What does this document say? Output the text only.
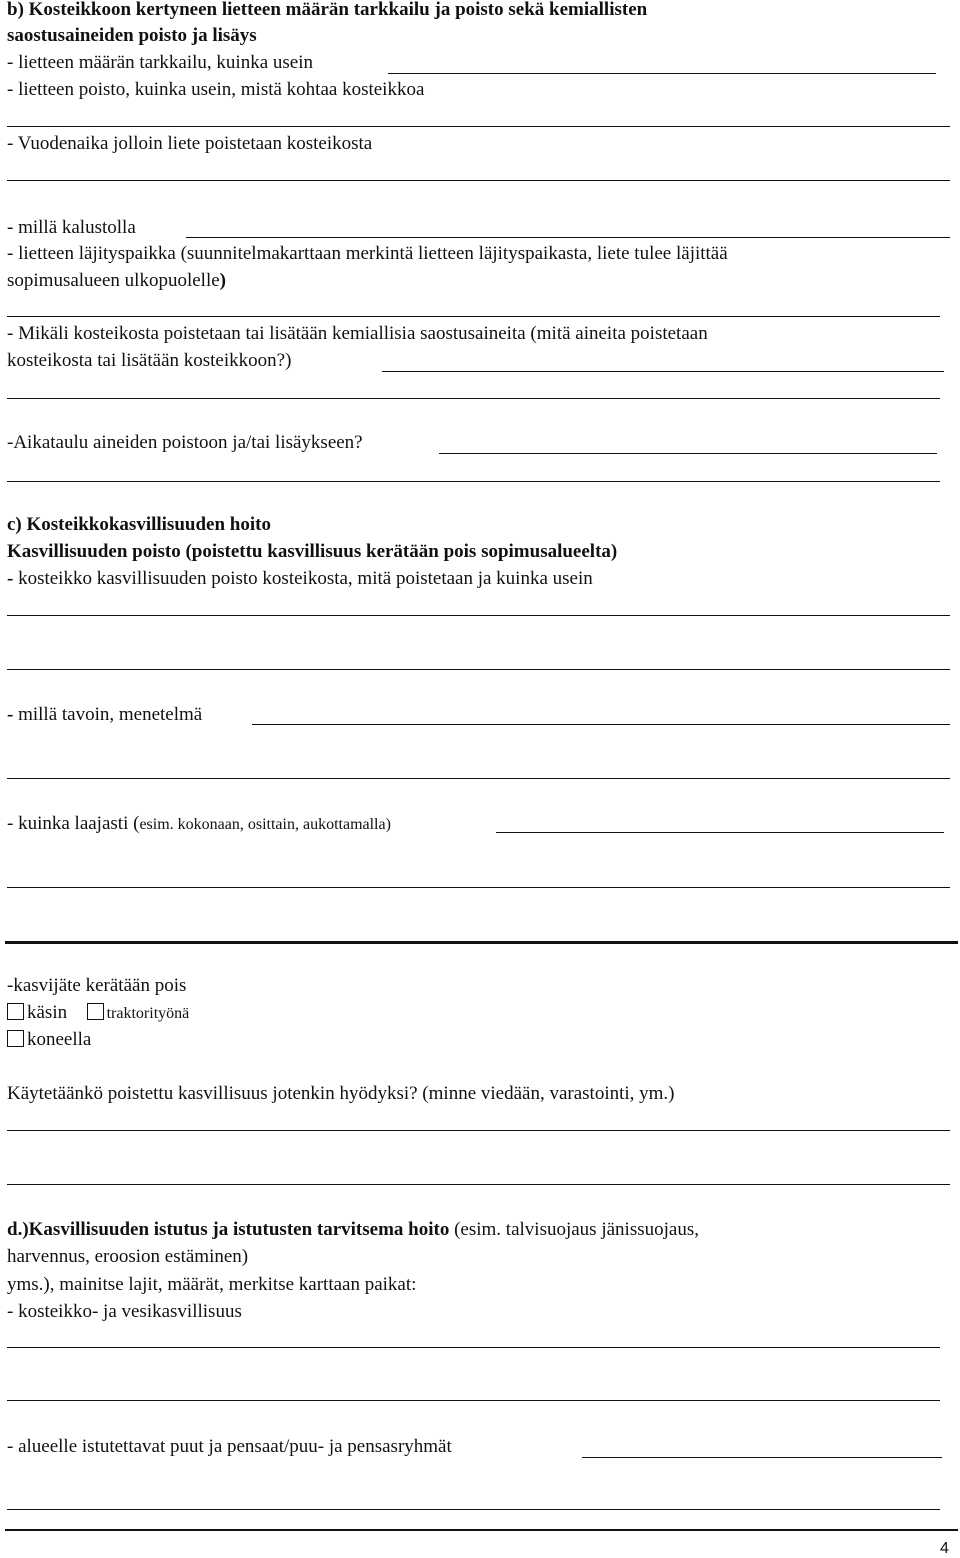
b) Kosteikkoon kertyneen lietteen määrän tarkkailu ja poisto sekä kemiallisten
saostusaineiden poisto ja lisäys
- lietteen määrän tarkkailu, kuinka usein
- lietteen poisto, kuinka usein, mistä kohtaa kosteikkoa
- Vuodenaika jolloin liete poistetaan kosteikosta
- millä kalustolla
- lietteen läjityspaikka (suunnitelmakarttaan merkintä lietteen läjityspaikasta, liete tulee läjittää
sopimusalueen ulkopuolelle)
- Mikäli kosteikosta poistetaan tai lisätään kemiallisia saostusaineita (mitä aineita poistetaan
kosteikosta tai lisätään kosteikkoon?)
-Aikataulu aineiden poistoon ja/tai lisäykseen?
c) Kosteikkokasvillisuuden hoito
Kasvillisuuden poisto (poistettu kasvillisuus kerätään pois sopimusalueelta)
- kosteikko kasvillisuuden poisto kosteikosta, mitä poistetaan ja kuinka usein
- millä tavoin, menetelmä
- kuinka laajasti (esim. kokonaan, osittain, aukottamalla)
-kasvijäte kerätään pois
käsin traktorityönä
koneella
Käytetäänkö poistettu kasvillisuus jotenkin hyödyksi? (minne viedään, varastointi, ym.)
d.)Kasvillisuuden istutus ja istutusten tarvitsema hoito (esim. talvisuojaus jänissuojaus,
harvennus, eroosion estäminen)
yms.), mainitse lajit, määrät, merkitse karttaan paikat:
- kosteikko- ja vesikasvillisuus
- alueelle istutettavat puut ja pensaat/puu- ja pensasryhmät
4
